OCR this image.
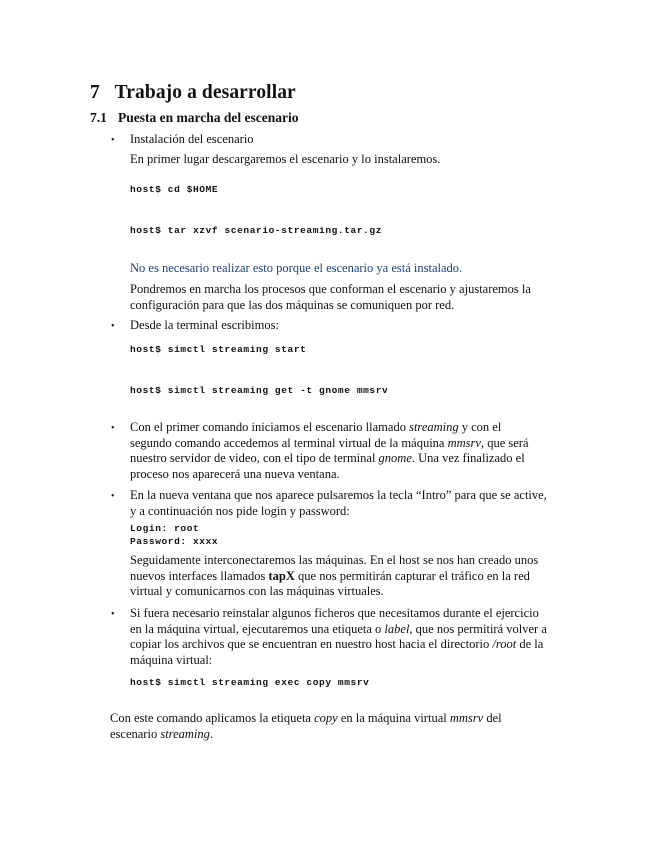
7 Trabajo a desarrollar
7.1 Puesta en marcha del escenario
• Instalación del escenario
En primer lugar descargaremos el escenario y lo instalaremos.
host$ cd $HOME
host$ tar xzvf scenario-streaming.tar.gz
No es necesario realizar esto porque el escenario ya está instalado.
Pondremos en marcha los procesos que conforman el escenario y ajustaremos la configuración para que las dos máquinas se comuniquen por red.
• Desde la terminal escribimos:
host$ simctl streaming start
host$ simctl streaming get -t gnome mmsrv
• Con el primer comando iniciamos el escenario llamado streaming y con el segundo comando accedemos al terminal virtual de la máquina mmsrv, que será nuestro servidor de video, con el tipo de terminal gnome. Una vez finalizado el proceso nos aparecerá una nueva ventana.
• En la nueva ventana que nos aparece pulsaremos la tecla “Intro” para que se active, y a continuación nos pide login y password:
Login: root
Password: xxxx
Seguidamente interconectaremos las máquinas. En el host se nos han creado unos nuevos interfaces llamados tapX que nos permitirán capturar el tráfico en la red virtual y comunicarnos con las máquinas virtuales.
• Si fuera necesario reinstalar algunos ficheros que necesitamos durante el ejercicio en la máquina virtual, ejecutaremos una etiqueta o label, que nos permitirá volver a copiar los archivos que se encuentran en nuestro host hacia el directorio /root de la máquina virtual:
host$ simctl streaming exec copy mmsrv
Con este comando aplicamos la etiqueta copy en la máquina virtual mmsrv del escenario streaming.
